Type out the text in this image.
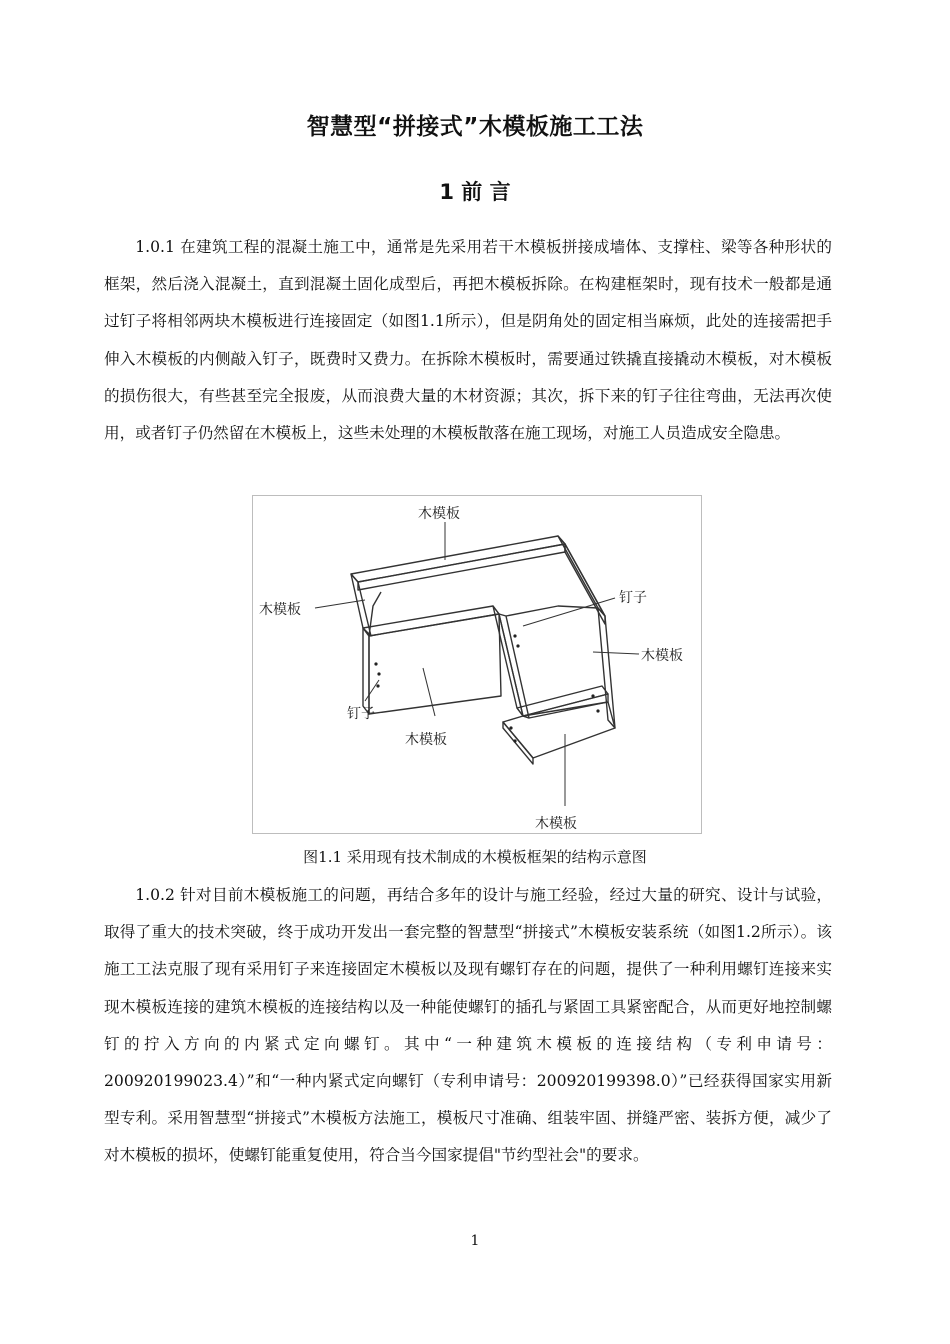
智慧型“拼接式”木模板施工工法
1 前 言

1.0.1 在建筑工程的混凝土施工中，通常是先采用若干木模板拼接成墙体、支撑柱、梁等各种形状的框架，然后浇入混凝土，直到混凝土固化成型后，再把木模板拆除。在构建框架时，现有技术一般都是通过钉子将相邻两块木模板进行连接固定（如图1.1所示），但是阴角处的固定相当麻烦，此处的连接需把手伸入木模板的内侧敲入钉子，既费时又费力。在拆除木模板时，需要通过铁撬直接撬动木模板，对木模板的损伤很大，有些甚至完全报废，从而浪费大量的木材资源；其次，拆下来的钉子往往弯曲，无法再次使用，或者钉子仍然留在木模板上，这些未处理的木模板散落在施工现场，对施工人员造成安全隐患。

木模板
木模板
钉子
木模板
钉子
木模板
木模板

图1.1 采用现有技术制成的木模板框架的结构示意图

1.0.2 针对目前木模板施工的问题，再结合多年的设计与施工经验，经过大量的研究、设计与试验，取得了重大的技术突破，终于成功开发出一套完整的智慧型“拼接式”木模板安装系统（如图1.2所示）。该施工工法克服了现有采用钉子来连接固定木模板以及现有螺钉存在的问题，提供了一种利用螺钉连接来实现木模板连接的建筑木模板的连接结构以及一种能使螺钉的插孔与紧固工具紧密配合，从而更好地控制螺钉的拧入方向的内紧式定向螺钉。其中“一种建筑木模板的连接结构（专利申请号：200920199023.4）”和“一种内紧式定向螺钉（专利申请号：200920199398.0）”已经获得国家实用新型专利。采用智慧型“拼接式”木模板方法施工，模板尺寸准确、组装牢固、拼缝严密、装拆方便，减少了对木模板的损坏，使螺钉能重复使用，符合当今国家提倡"节约型社会"的要求。

1
